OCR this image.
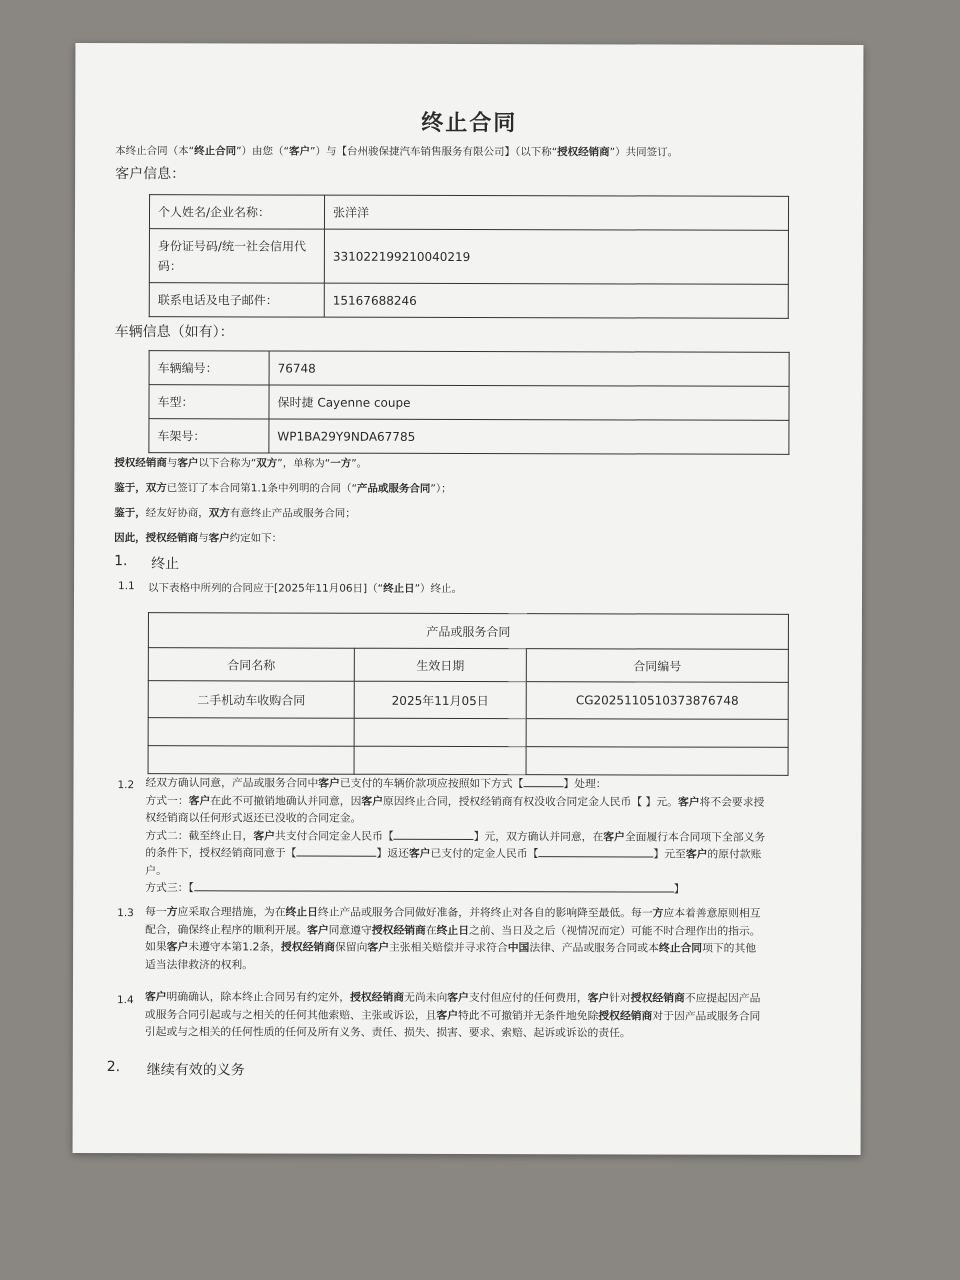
终止合同
本终止合同（本“终止合同”）由您（“客户”）与【台州骏保捷汽车销售服务有限公司】（以下称“授权经销商”）共同签订。
客户信息：
个人姓名/企业名称：	张洋洋
身份证号码/统一社会信用代码：	331022199210040219
联系电话及电子邮件：	15167688246
车辆信息（如有）：
车辆编号：	76748
车型：	保时捷 Cayenne coupe
车架号：	WP1BA29Y9NDA67785
授权经销商与客户以下合称为“双方”，单称为“一方”。
鉴于，双方已签订了本合同第1.1条中列明的合同（“产品或服务合同”）；
鉴于，经友好协商，双方有意终止产品或服务合同；
因此，授权经销商与客户约定如下：
1. 终止
1.1 以下表格中所列的合同应于[2025年11月06日]（“终止日”）终止。
产品或服务合同		
合同名称	生效日期	合同编号
二手机动车收购合同	2025年11月05日	CG2025110510373876748

1.2 经双方确认同意，产品或服务合同中客户已支付的车辆价款项应按照如下方式【	】处理：
方式一：客户在此不可撤销地确认并同意，因客户原因终止合同，授权经销商有权没收合同定金人民币【 】元。客户将不会要求授
权经销商以任何形式返还已没收的合同定金。
方式二：截至终止日，客户共支付合同定金人民币【	】元，双方确认并同意，在客户全面履行本合同项下全部义务
的条件下，授权经销商同意于【	】返还客户已支付的定金人民币【	】元至客户的原付款账
户。
方式三：【	】
1.3 每一方应采取合理措施，为在终止日终止产品或服务合同做好准备，并将终止对各自的影响降至最低。每一方应本着善意原则相互
配合，确保终止程序的顺利开展。客户同意遵守授权经销商在终止日之前、当日及之后（视情况而定）可能不时合理作出的指示。
如果客户未遵守本第1.2条，授权经销商保留向客户主张相关赔偿并寻求符合中国法律、产品或服务合同或本终止合同项下的其他
适当法律救济的权利。
1.4 客户明确确认，除本终止合同另有约定外，授权经销商无尚未向客户支付但应付的任何费用，客户针对授权经销商不应提起因产品
或服务合同引起或与之相关的任何其他索赔、主张或诉讼，且客户特此不可撤销并无条件地免除授权经销商对于因产品或服务合同
引起或与之相关的任何性质的任何及所有义务、责任、损失、损害、要求、索赔、起诉或诉讼的责任。
2. 继续有效的义务
